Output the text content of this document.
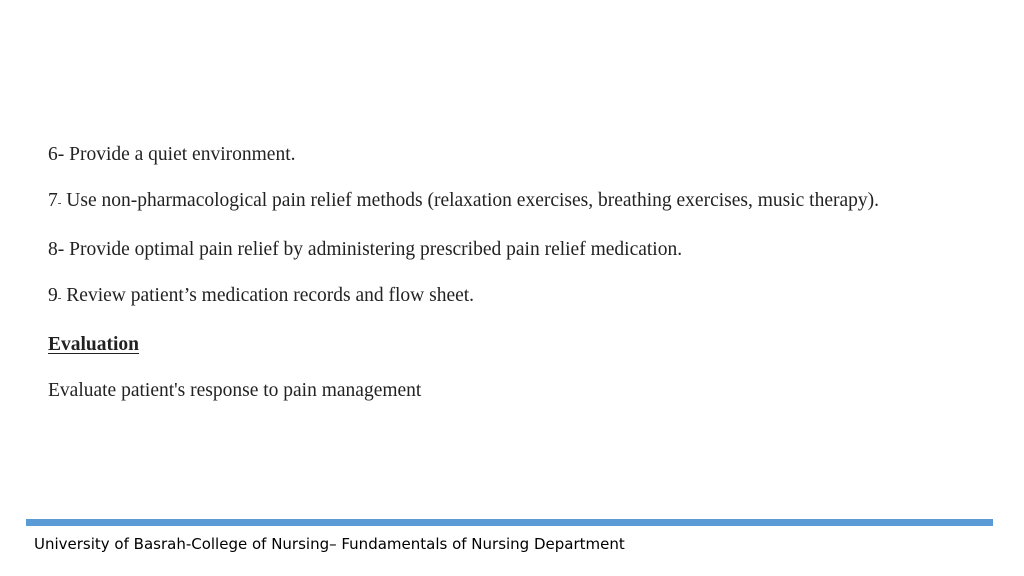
6- Provide a quiet environment.

7- Use non-pharmacological pain relief methods (relaxation exercises, breathing exercises, music therapy).

8- Provide optimal pain relief by administering prescribed pain relief medication.

9- Review patient’s medication records and flow sheet.

Evaluation

Evaluate patient's response to pain management

University of Basrah-College of Nursing– Fundamentals of Nursing Department
